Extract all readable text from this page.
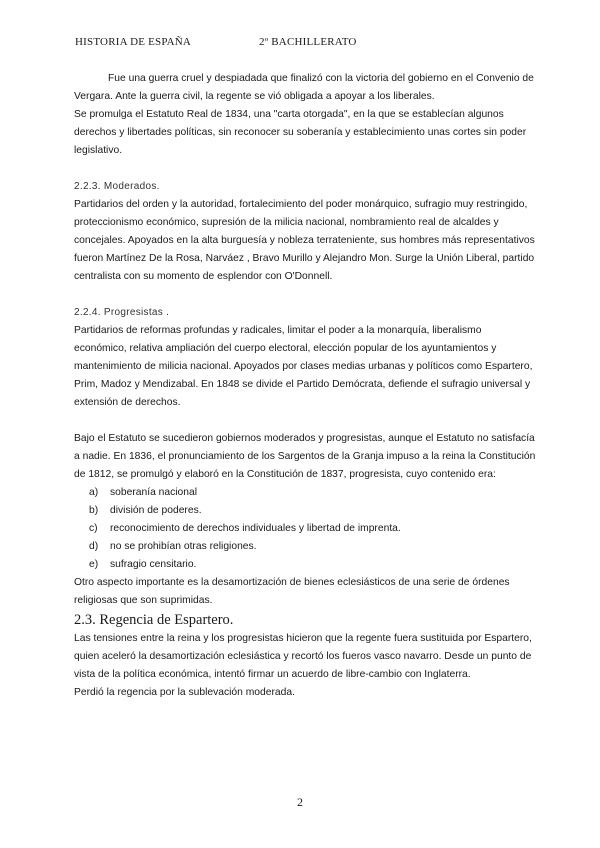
HISTORIA DE ESPAÑA	2º BACHILLERATO

Fue una guerra cruel y despiadada que finalizó con la victoria del gobierno en el Convenio de Vergara. Ante la guerra civil, la regente se vió obligada a apoyar a los liberales.

Se promulga el Estatuto Real de 1834, una "carta otorgada", en la que se establecían algunos derechos y libertades políticas, sin reconocer su soberanía y establecimiento unas cortes sin poder legislativo.

2.2.3. Moderados.

Partidarios del orden y la autoridad, fortalecimiento del poder monárquico, sufragio muy restringido, proteccionismo económico, supresión de la milicia nacional, nombramiento real de alcaldes y concejales. Apoyados en la alta burguesía y nobleza terrateniente, sus hombres más representativos fueron Martínez De la Rosa, Narváez , Bravo Murillo y Alejandro Mon. Surge la Unión Liberal, partido centralista con su momento de esplendor con O'Donnell.

2.2.4. Progresistas .

Partidarios de reformas profundas y radicales, limitar el poder a la monarquía, liberalismo económico, relativa ampliación del cuerpo electoral, elección popular de los ayuntamientos y mantenimiento de milicia nacional. Apoyados por clases medias urbanas y políticos como Espartero, Prim, Madoz y Mendizabal. En 1848 se divide el Partido Demócrata, defiende el sufragio universal y extensión de derechos.

Bajo el Estatuto se sucedieron gobiernos moderados y progresistas, aunque el Estatuto no satisfacía a nadie. En 1836, el pronunciamiento de los Sargentos de la Granja impuso a la reina la Constitución de 1812, se promulgó y elaboró en la Constitución de 1837, progresista, cuyo contenido era:

a) soberanía nacional
b) división de poderes.
c) reconocimiento de derechos individuales y libertad de imprenta.
d) no se prohibían otras religiones.
e) sufragio censitario.

Otro aspecto importante es la desamortización de bienes eclesiásticos de una serie de órdenes religiosas que son suprimidas.

2.3. Regencia de Espartero.

Las tensiones entre la reina y los progresistas hicieron que la regente fuera sustituida por Espartero, quien aceleró la desamortización eclesiástica y recortó los fueros vasco navarro. Desde un punto de vista de la política económica, intentó firmar un acuerdo de libre-cambio con Inglaterra.

Perdió la regencia por la sublevación moderada.

2
